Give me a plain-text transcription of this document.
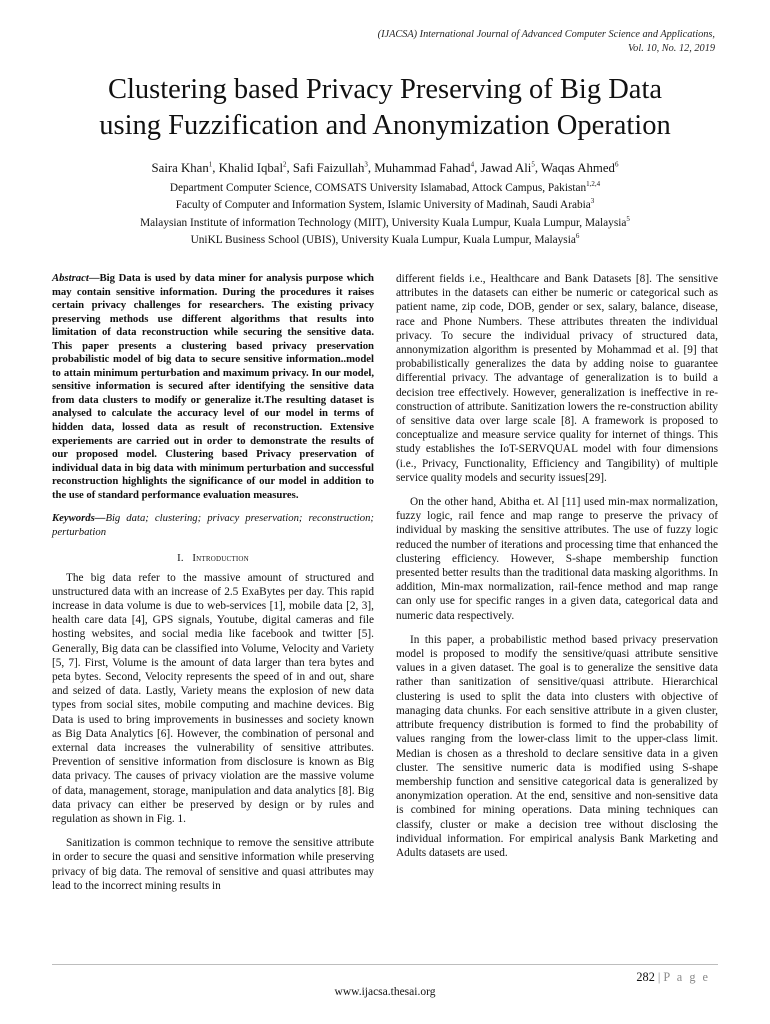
(IJACSA) International Journal of Advanced Computer Science and Applications,
Vol. 10, No. 12, 2019
Clustering based Privacy Preserving of Big Data
using Fuzzification and Anonymization Operation
Saira Khan$^1$, Khalid Iqbal$^2$, Safi Faizullah$^3$, Muhammad Fahad$^4$, Jawad Ali$^5$, Waqas Ahmed$^6$
Department Computer Science, COMSATS University Islamabad, Attock Campus, Pakistan$^{1,2,4}$
Faculty of Computer and Information System, Islamic University of Madinah, Saudi Arabia$^3$
Malaysian Institute of information Technology (MIIT), University Kuala Lumpur, Kuala Lumpur, Malaysia$^5$
UniKL Business School (UBIS), University Kuala Lumpur, Kuala Lumpur, Malaysia$^6$

Abstract—Big Data is used by data miner for analysis purpose which may contain sensitive information. During the procedures it raises certain privacy challenges for researchers. The existing privacy preserving methods use different algorithms that results into limitation of data reconstruction while securing the sensitive data. This paper presents a clustering based privacy preservation probabilistic model of big data to secure sensitive information..model to attain minimum perturbation and maximum privacy. In our model, sensitive information is secured after identifying the sensitive data from data clusters to modify or generalize it.The resulting dataset is analysed to calculate the accuracy level of our model in terms of hidden data, lossed data as result of reconstruction. Extensive experiements are carried out in order to demonstrate the results of our proposed model. Clustering based Privacy preservation of individual data in big data with minimum perturbation and successful reconstruction highlights the significance of our model in addition to the use of standard performance evaluation measures.

Keywords—Big data; clustering; privacy preservation; reconstruction; perturbation

I. Introduction

The big data refer to the massive amount of structured and unstructured data with an increase of 2.5 ExaBytes per day. This rapid increase in data volume is due to web-services [1], mobile data [2, 3], health care data [4], GPS signals, Youtube, digital cameras and file hosting websites, and social media like facebook and twitter [5]. Generally, Big data can be classified into Volume, Velocity and Variety [5, 7]. First, Volume is the amount of data larger than tera bytes and peta bytes. Second, Velocity represents the speed of in and out, share and seized of data. Lastly, Variety means the explosion of new data types from social sites, mobile computing and machine devices. Big Data is used to bring improvements in businesses and society known as Big Data Analytics [6]. However, the combination of personal and external data increases the vulnerability of sensitive attributes. Prevention of sensitive information from disclosure is known as Big data privacy. The causes of privacy violation are the massive volume of data, management, storage, manipulation and data analytics [8]. Big data privacy can either be preserved by design or by rules and regulation as shown in Fig. 1.

Sanitization is common technique to remove the sensitive attribute in order to secure the quasi and sensitive information while preserving privacy of big data. The removal of sensitive and quasi attributes may lead to the incorrect mining results in

different fields i.e., Healthcare and Bank Datasets [8]. The sensitive attributes in the datasets can either be numeric or categorical such as patient name, zip code, DOB, gender or sex, salary, balance, disease, race and Phone Numbers. These attributes threaten the individual privacy. To secure the individual privacy of structured data, annonymization algorithm is presented by Mohammad et al. [9] that probabilistically generalizes the data by adding noise to guarantee differential privacy. The advantage of generalization is to build a decision tree effectively. However, generalization is ineffective in re-construction of attribute. Sanitization lowers the re-construction ability of sensitive data over large scale [8]. A framework is proposed to conceptualize and measure service quality for internet of things. This study establishes the IoT-SERVQUAL model with four dimensions (i.e., Privacy, Functionality, Efficiency and Tangibility) of multiple service quality models and security issues[29].

On the other hand, Abitha et. Al [11] used min-max normalization, fuzzy logic, rail fence and map range to preserve the privacy of individual by masking the sensitive attributes. The use of fuzzy logic reduced the number of iterations and processing time that enhanced the clustering efficiency. However, S-shape membership function presented better results than the traditional data masking algorithms. In addition, Min-max normalization, rail-fence method and map range can only use for specific ranges in a given data, categorical data and numeric data respectively.

In this paper, a probabilistic method based privacy preservation model is proposed to modify the sensitive/quasi attribute sensitive values in a given dataset. The goal is to generalize the sensitive data rather than sanitization of sensitive/quasi attribute. Hierarchical clustering is used to split the data into clusters with objective of managing data chunks. For each sensitive attribute in a given cluster, attribute frequency distribution is formed to find the probability of values ranging from the lower-class limit to the upper-class limit. Median is chosen as a threshold to declare sensitive data in a given cluster. The sensitive numeric data is modified using S-shape membership function and sensitive categorical data is generalized by anonymization operation. At the end, sensitive and non-sensitive data is combined for mining operations. Data mining techniques can classify, cluster or make a decision tree without disclosing the individual information. For empirical analysis Bank Marketing and Adults datasets are used.

282 | P a g e
www.ijacsa.thesai.org
